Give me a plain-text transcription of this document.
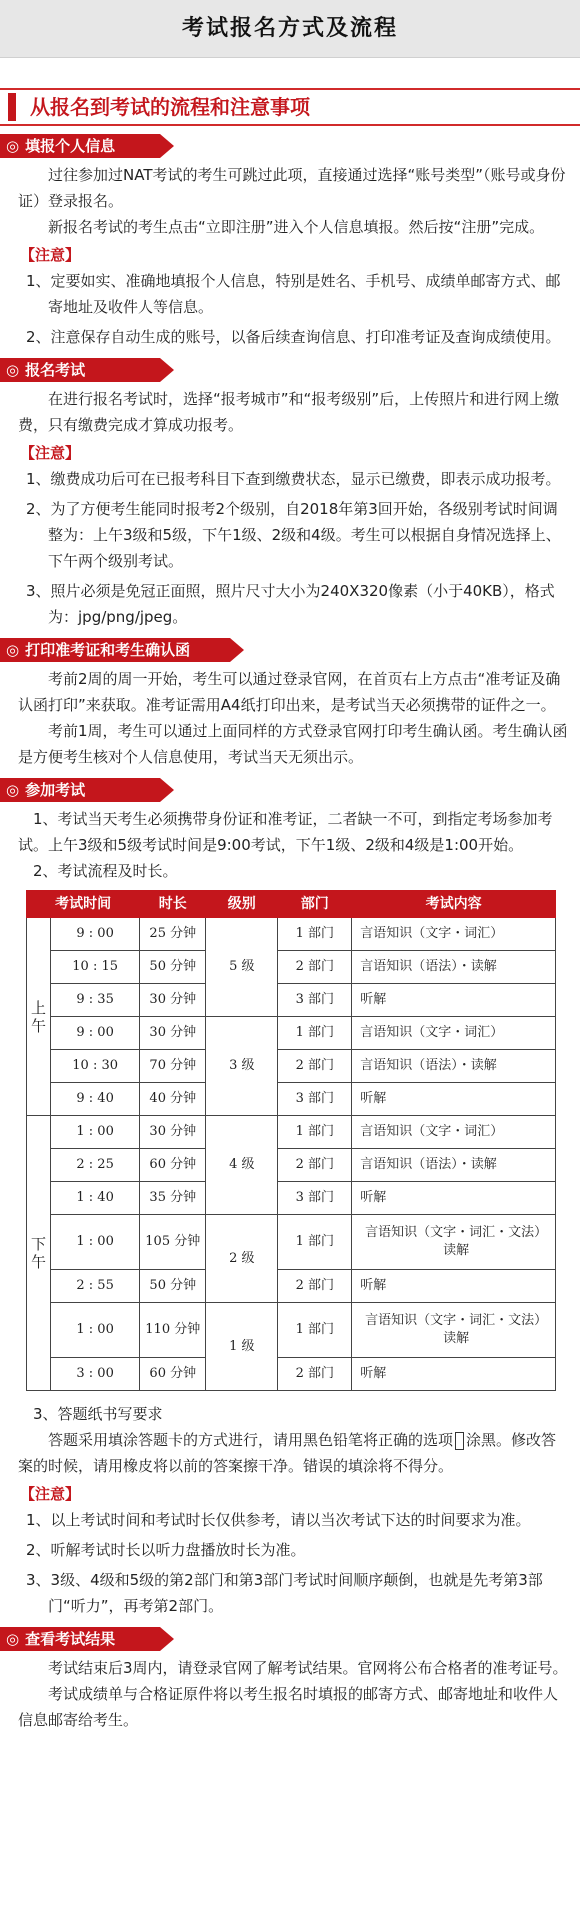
考试报名方式及流程
从报名到考试的流程和注意事项
◎ 填报个人信息
过往参加过NAT考试的考生可跳过此项，直接通过选择“账号类型”（账号或身份证）登录报名。
新报名考试的考生点击“立即注册”进入个人信息填报。然后按“注册”完成。
【注意】
1、定要如实、准确地填报个人信息，特别是姓名、手机号、成绩单邮寄方式、邮寄地址及收件人等信息。
2、注意保存自动生成的账号，以备后续查询信息、打印准考证及查询成绩使用。
◎ 报名考试
在进行报名考试时，选择“报考城市”和“报考级别”后，上传照片和进行网上缴费，只有缴费完成才算成功报考。
【注意】
1、缴费成功后可在已报考科目下查到缴费状态，显示已缴费，即表示成功报考。
2、为了方便考生能同时报考2个级别，自2018年第3回开始，各级别考试时间调整为：上午3级和5级，下午1级、2级和4级。考生可以根据自身情况选择上、下午两个级别考试。
3、照片必须是免冠正面照，照片尺寸大小为240X320像素（小于40KB），格式为：jpg/png/jpeg。
◎ 打印准考证和考生确认函
考前2周的周一开始，考生可以通过登录官网，在首页右上方点击“准考证及确认函打印”来获取。准考证需用A4纸打印出来，是考试当天必须携带的证件之一。
考前1周，考生可以通过上面同样的方式登录官网打印考生确认函。考生确认函是方便考生核对个人信息使用，考试当天无须出示。
◎ 参加考试
1、考试当天考生必须携带身份证和准考证，二者缺一不可，到指定考场参加考试。上午3级和5级考试时间是9:00考试，下午1级、2级和4级是1:00开始。
2、考试流程及时长。
考试时间		时长	级别	部门	考试内容
上
午	9 : 00	25 分钟	5 级	1 部门	言语知识（文字・词汇）
	10 : 15	50 分钟		2 部门	言语知识（语法）・读解
	9 : 35	30 分钟		3 部门	听解
	9 : 00	30 分钟	3 级	1 部门	言语知识（文字・词汇）
	10 : 30	70 分钟		2 部门	言语知识（语法）・读解
	9 : 40	40 分钟		3 部门	听解
下
午	1 : 00	30 分钟	4 级	1 部门	言语知识（文字・词汇）
	2 : 25	60 分钟		2 部门	言语知识（语法）・读解
	1 : 40	35 分钟		3 部门	听解
	1 : 00	105 分钟	2 级	1 部门	言语知识（文字・词汇・文法）读解
	2 : 55	50 分钟		2 部门	听解
	1 : 00	110 分钟	1 级	1 部门	言语知识（文字・词汇・文法）读解
	3 : 00	60 分钟		2 部门	听解
3、答题纸书写要求
答题采用填涂答题卡的方式进行，请用黑色铅笔将正确的选项 涂黑。修改答案的时候，请用橡皮将以前的答案擦干净。错误的填涂将不得分。
【注意】
1、以上考试时间和考试时长仅供参考，请以当次考试下达的时间要求为准。
2、听解考试时长以听力盘播放时长为准。
3、3级、4级和5级的第2部门和第3部门考试时间顺序颠倒，也就是先考第3部门“听力”，再考第2部门。
◎ 查看考试结果
考试结束后3周内，请登录官网了解考试结果。官网将公布合格者的准考证号。
考试成绩单与合格证原件将以考生报名时填报的邮寄方式、邮寄地址和收件人信息邮寄给考生。
